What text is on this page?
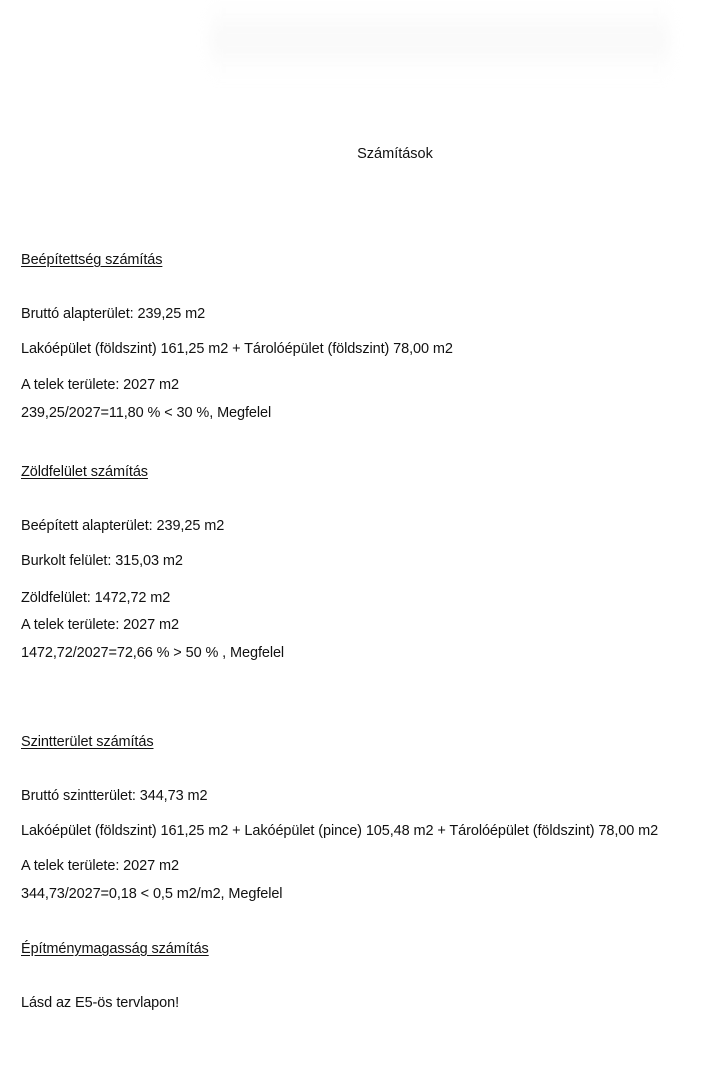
Számítások
Beépítettség számítás
Bruttó alapterület: 239,25 m2
Lakóépület (földszint) 161,25 m2 + Tárolóépület (földszint) 78,00 m2
A telek területe: 2027 m2
239,25/2027=11,80 % < 30 %, Megfelel
Zöldfelület számítás
Beépített alapterület: 239,25 m2
Burkolt felület: 315,03 m2
Zöldfelület: 1472,72 m2
A telek területe: 2027 m2
1472,72/2027=72,66 % > 50 % , Megfelel
Szintterület számítás
Bruttó szintterület: 344,73 m2
Lakóépület (földszint) 161,25 m2 + Lakóépület (pince) 105,48 m2 + Tárolóépület (földszint) 78,00 m2
A telek területe: 2027 m2
344,73/2027=0,18 < 0,5 m2/m2, Megfelel
Építménymagasság számítás
Lásd az E5-ös tervlapon!
